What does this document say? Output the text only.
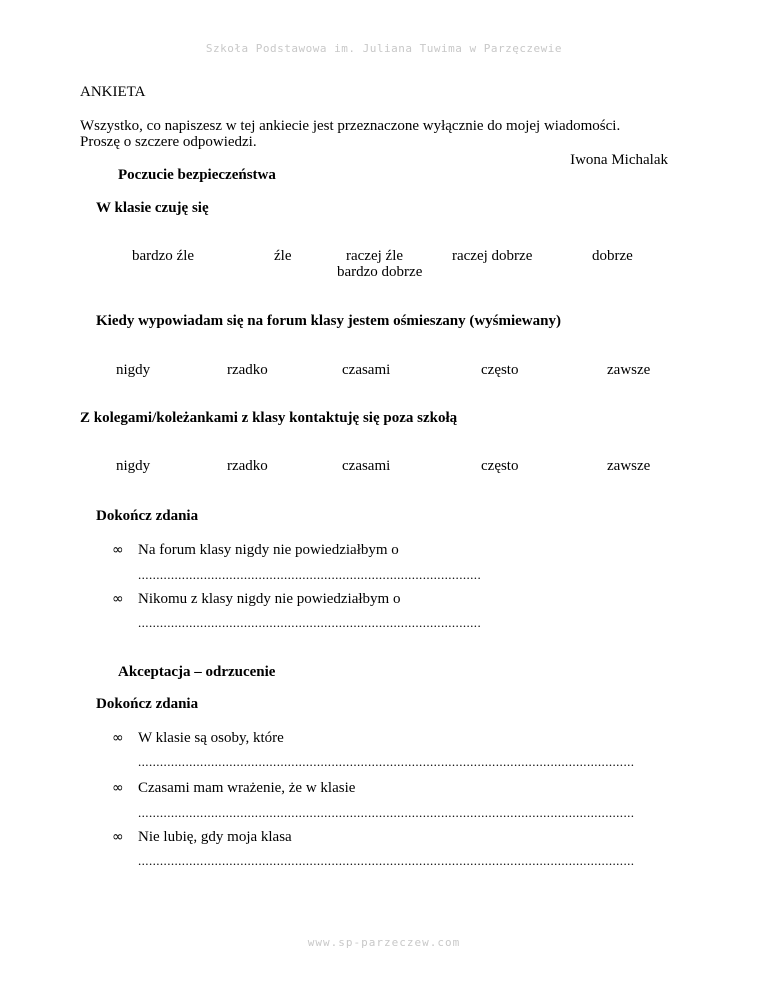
Szkoła Podstawowa im. Juliana Tuwima w Parzęczewie
ANKIETA
Wszystko, co napiszesz w tej ankiecie jest przeznaczone wyłącznie do mojej wiadomości.
Proszę o szczere odpowiedzi.
Iwona Michalak
Poczucie bezpieczeństwa
W klasie czuję się
bardzo źle	źle	raczej źle	raczej dobrze	dobrze
bardzo dobrze
Kiedy wypowiadam się na forum klasy jestem ośmieszany (wyśmiewany)
nigdy	rzadko	czasami	często	zawsze
Z kolegami/koleżankami z klasy kontaktuję się poza szkołą
nigdy	rzadko	czasami	często	zawsze
Dokończ zdania
∞ Na forum klasy nigdy nie powiedziałbym o
..............................................................................................
∞ Nikomu z klasy nigdy nie powiedziałbym o
..............................................................................................
Akceptacja – odrzucenie
Dokończ zdania
∞ W klasie są osoby, które
........................................................................................................................................
∞ Czasami mam wrażenie, że w klasie
........................................................................................................................................
∞ Nie lubię, gdy moja klasa
........................................................................................................................................
www.sp-parzeczew.com
